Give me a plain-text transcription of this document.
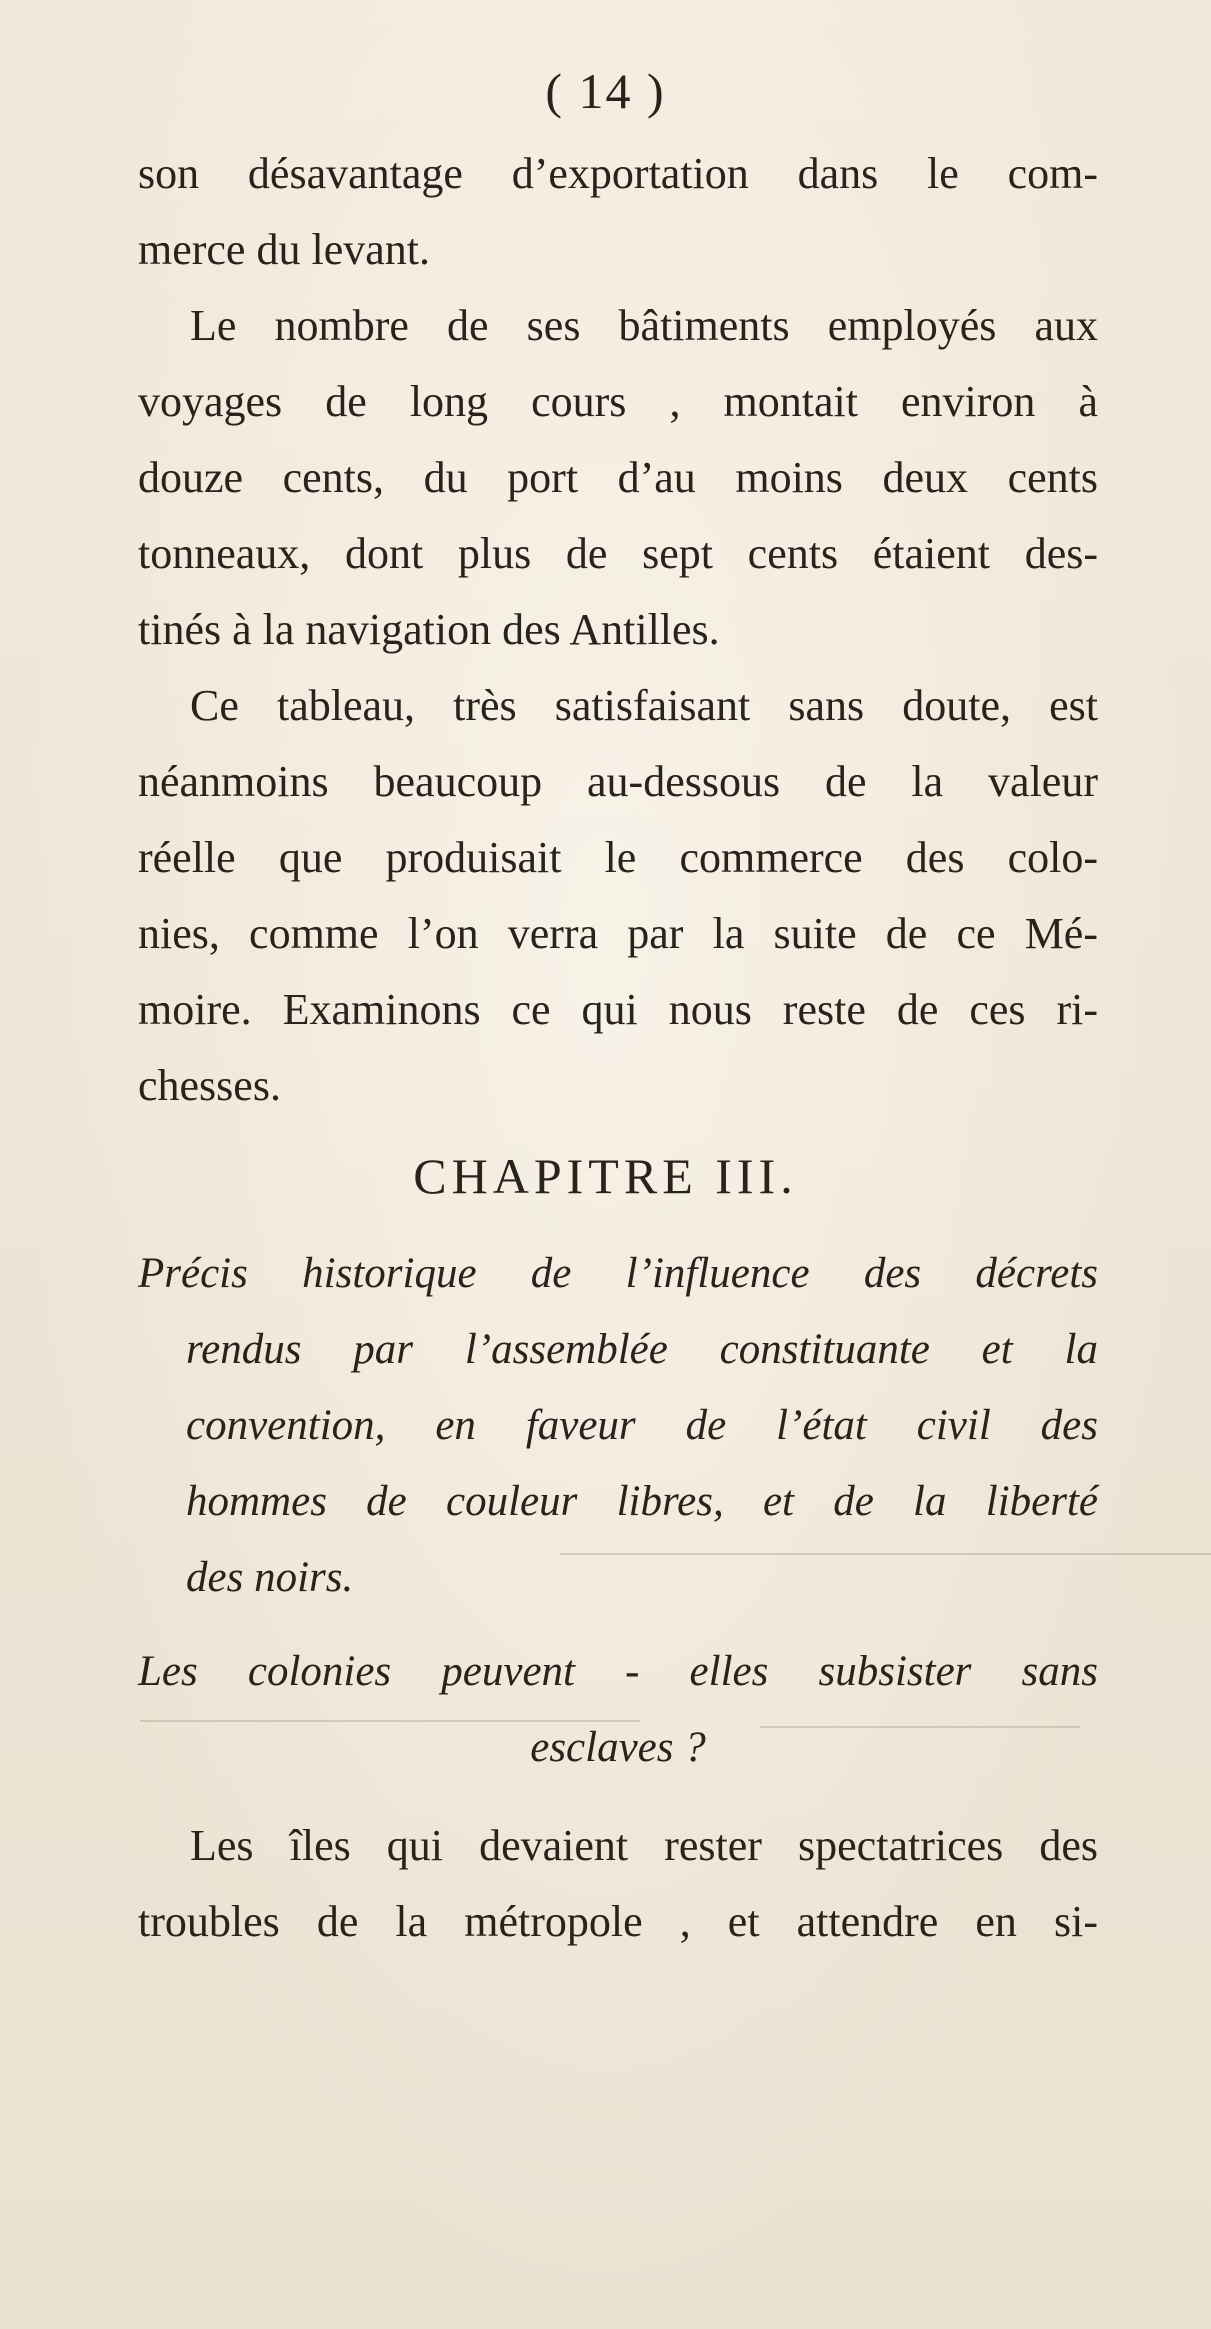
( 14 )
son désavantage d’exportation dans le com-
merce du levant.
Le nombre de ses bâtiments employés aux
voyages de long cours , montait environ à
douze cents, du port d’au moins deux cents
tonneaux, dont plus de sept cents étaient des-
tinés à la navigation des Antilles.
Ce tableau, très satisfaisant sans doute, est
néanmoins beaucoup au-dessous de la valeur
réelle que produisait le commerce des colo-
nies, comme l’on verra par la suite de ce Mé-
moire. Examinons ce qui nous reste de ces ri-
chesses.
CHAPITRE III.
Précis historique de l’influence des décrets
rendus par l’assemblée constituante et la
convention, en faveur de l’état civil des
hommes de couleur libres, et de la liberté
des noirs.
Les colonies peuvent - elles subsister sans
esclaves ?
Les îles qui devaient rester spectatrices des
troubles de la métropole , et attendre en si-
